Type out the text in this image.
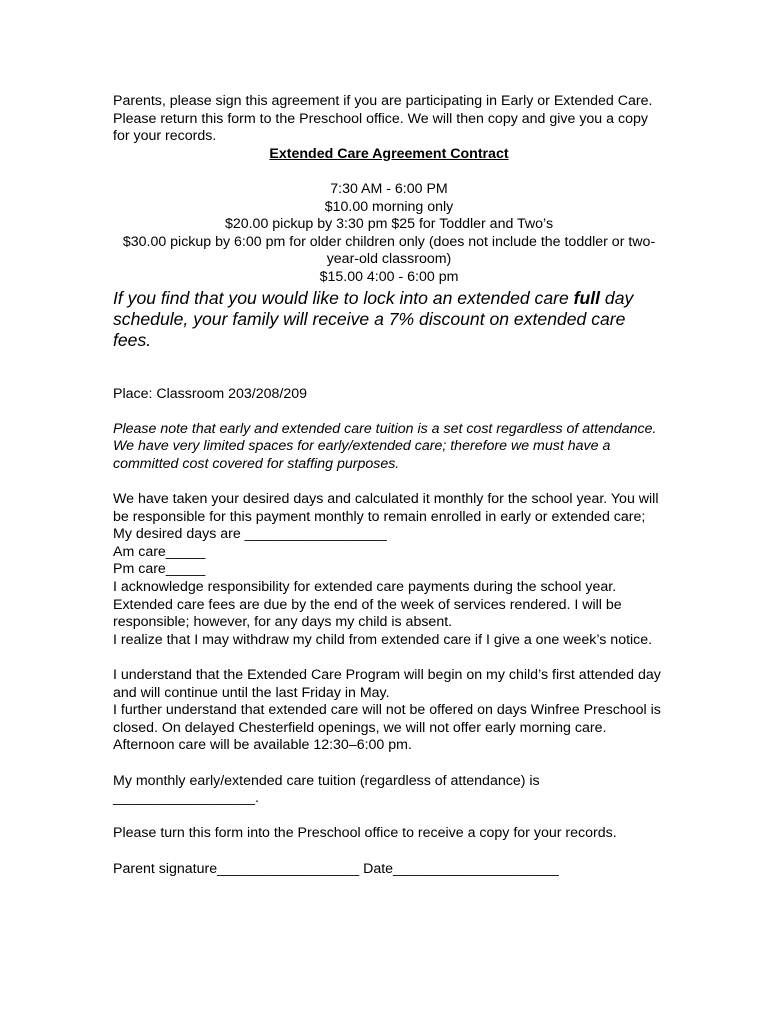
Parents, please sign this agreement if you are participating in Early or Extended Care. Please return this form to the Preschool office. We will then copy and give you a copy for your records.

Extended Care Agreement Contract

7:30 AM - 6:00 PM

$10.00 morning only

$20.00 pickup by 3:30 pm $25 for Toddler and Two’s

$30.00 pickup by 6:00 pm for older children only (does not include the toddler or two-year-old classroom)

$15.00 4:00 - 6:00 pm

If you find that you would like to lock into an extended care full day schedule, your family will receive a 7% discount on extended care fees.

Place: Classroom 203/208/209

Please note that early and extended care tuition is a set cost regardless of attendance. We have very limited spaces for early/extended care; therefore we must have a committed cost covered for staffing purposes.

We have taken your desired days and calculated it monthly for the school year. You will be responsible for this payment monthly to remain enrolled in early or extended care;

My desired days are __________________

Am care_____

Pm care_____

I acknowledge responsibility for extended care payments during the school year. Extended care fees are due by the end of the week of services rendered. I will be responsible; however, for any days my child is absent.

I realize that I may withdraw my child from extended care if I give a one week’s notice.

I understand that the Extended Care Program will begin on my child’s first attended day and will continue until the last Friday in May.

I further understand that extended care will not be offered on days Winfree Preschool is closed. On delayed Chesterfield openings, we will not offer early morning care. Afternoon care will be available 12:30–6:00 pm.

My monthly early/extended care tuition (regardless of attendance) is __________________.

Please turn this form into the Preschool office to receive a copy for your records.

Parent signature__________________ Date_____________________
